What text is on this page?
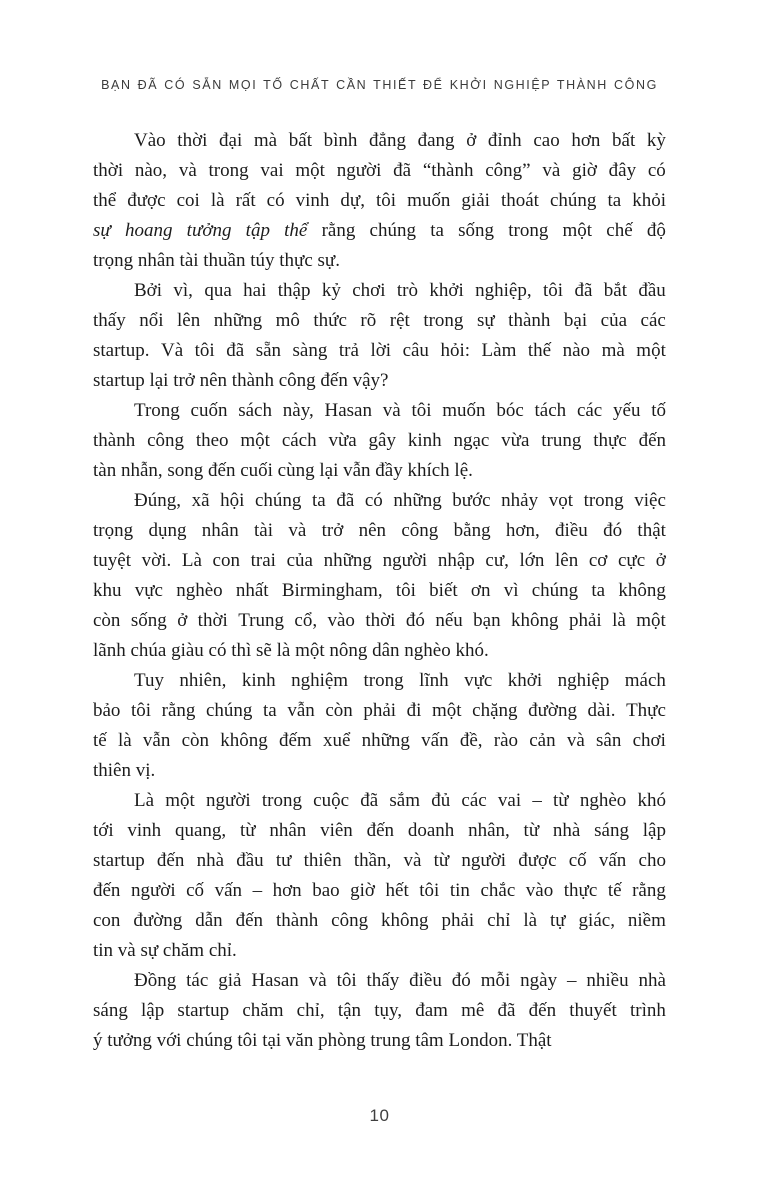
BẠN ĐÃ CÓ SẴN MỌI TỐ CHẤT CẦN THIẾT ĐỂ KHỞI NGHIỆP THÀNH CÔNG
Vào thời đại mà bất bình đẳng đang ở đỉnh cao hơn bất kỳ
thời nào, và trong vai một người đã “thành công” và giờ đây có
thể được coi là rất có vinh dự, tôi muốn giải thoát chúng ta khỏi
sự hoang tưởng tập thể rằng chúng ta sống trong một chế độ
trọng nhân tài thuần túy thực sự.
Bởi vì, qua hai thập kỷ chơi trò khởi nghiệp, tôi đã bắt đầu
thấy nổi lên những mô thức rõ rệt trong sự thành bại của các
startup. Và tôi đã sẵn sàng trả lời câu hỏi: Làm thế nào mà một
startup lại trở nên thành công đến vậy?
Trong cuốn sách này, Hasan và tôi muốn bóc tách các yếu tố
thành công theo một cách vừa gây kinh ngạc vừa trung thực đến
tàn nhẫn, song đến cuối cùng lại vẫn đầy khích lệ.
Đúng, xã hội chúng ta đã có những bước nhảy vọt trong việc
trọng dụng nhân tài và trở nên công bằng hơn, điều đó thật
tuyệt vời. Là con trai của những người nhập cư, lớn lên cơ cực ở
khu vực nghèo nhất Birmingham, tôi biết ơn vì chúng ta không
còn sống ở thời Trung cổ, vào thời đó nếu bạn không phải là một
lãnh chúa giàu có thì sẽ là một nông dân nghèo khó.
Tuy nhiên, kinh nghiệm trong lĩnh vực khởi nghiệp mách
bảo tôi rằng chúng ta vẫn còn phải đi một chặng đường dài. Thực
tế là vẫn còn không đếm xuể những vấn đề, rào cản và sân chơi
thiên vị.
Là một người trong cuộc đã sắm đủ các vai – từ nghèo khó
tới vinh quang, từ nhân viên đến doanh nhân, từ nhà sáng lập
startup đến nhà đầu tư thiên thần, và từ người được cố vấn cho
đến người cố vấn – hơn bao giờ hết tôi tin chắc vào thực tế rằng
con đường dẫn đến thành công không phải chỉ là tự giác, niềm
tin và sự chăm chỉ.
Đồng tác giả Hasan và tôi thấy điều đó mỗi ngày – nhiều nhà
sáng lập startup chăm chỉ, tận tụy, đam mê đã đến thuyết trình
ý tưởng với chúng tôi tại văn phòng trung tâm London. Thật
10
